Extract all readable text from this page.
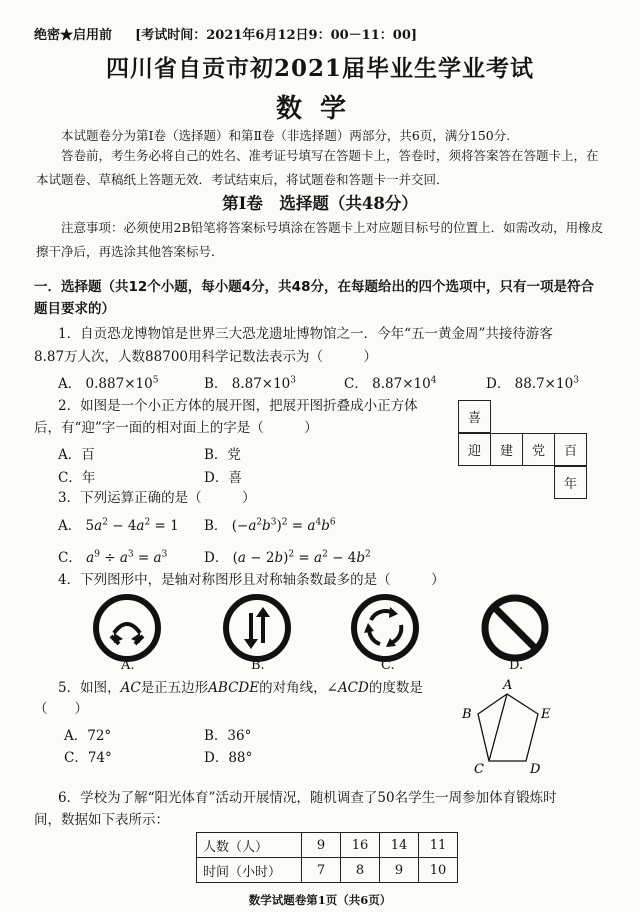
绝密★启用前 [考试时间：2021年6月12日9：00－11：00]
四川省自贡市初2021届毕业生学业考试
数学
本试题卷分为第Ⅰ卷（选择题）和第Ⅱ卷（非选择题）两部分，共6页，满分150分.
答卷前，考生务必将自己的姓名、准考证号填写在答题卡上，答卷时，须将答案答在答题卡上，在本试题卷、草稿纸上答题无效．考试结束后，将试题卷和答题卡一并交回．
第Ⅰ卷　选择题（共48分）
注意事项：必须使用2B铅笔将答案标号填涂在答题卡上对应题目标号的位置上．如需改动，用橡皮擦干净后，再选涂其他答案标号．
一．选择题（共12个小题，每小题4分，共48分，在每题给出的四个选项中，只有一项是符合题目要求的）
1．自贡恐龙博物馆是世界三大恐龙遗址博物馆之一．今年“五一黄金周”共接待游客
8.87万人次，人数88700用科学记数法表示为（　　　）
A． $0.887\times 10^5$	B． $8.87\times 10^3$	C． $8.87\times 10^4$	D． $88.7\times 10^3$
2．如图是一个小正方体的展开图，把展开图折叠成小正方体
后，有“迎”字一面的相对面上的字是（　　　）
A．百	B．党
C．年	D．喜
喜
迎	建	党	百
年
3．下列运算正确的是（　　　）
A． $5a^2 - 4a^2 = 1$ B． $(-a^2b^3)^2 = a^4b^6$
C． $a^9 \div a^3 = a^3$	D． $(a - 2b)^2 = a^2 - 4b^2$
4．下列图形中，是轴对称图形且对称轴条数最多的是（　　　）
A.	B.	C.	D.
5．如图，AC是正五边形ABCDE的对角线，∠ACD的度数是
（　　）
A．72°	B．36°
C．74°	D．88°
A
B
C	D
E
6．学校为了解“阳光体育”活动开展情况，随机调查了50名学生一周参加体育锻炼时
间，数据如下表所示：
人数（人）	9	16	14	11
时间（小时）	7	8	9	10
数学试题卷第1页（共6页）
